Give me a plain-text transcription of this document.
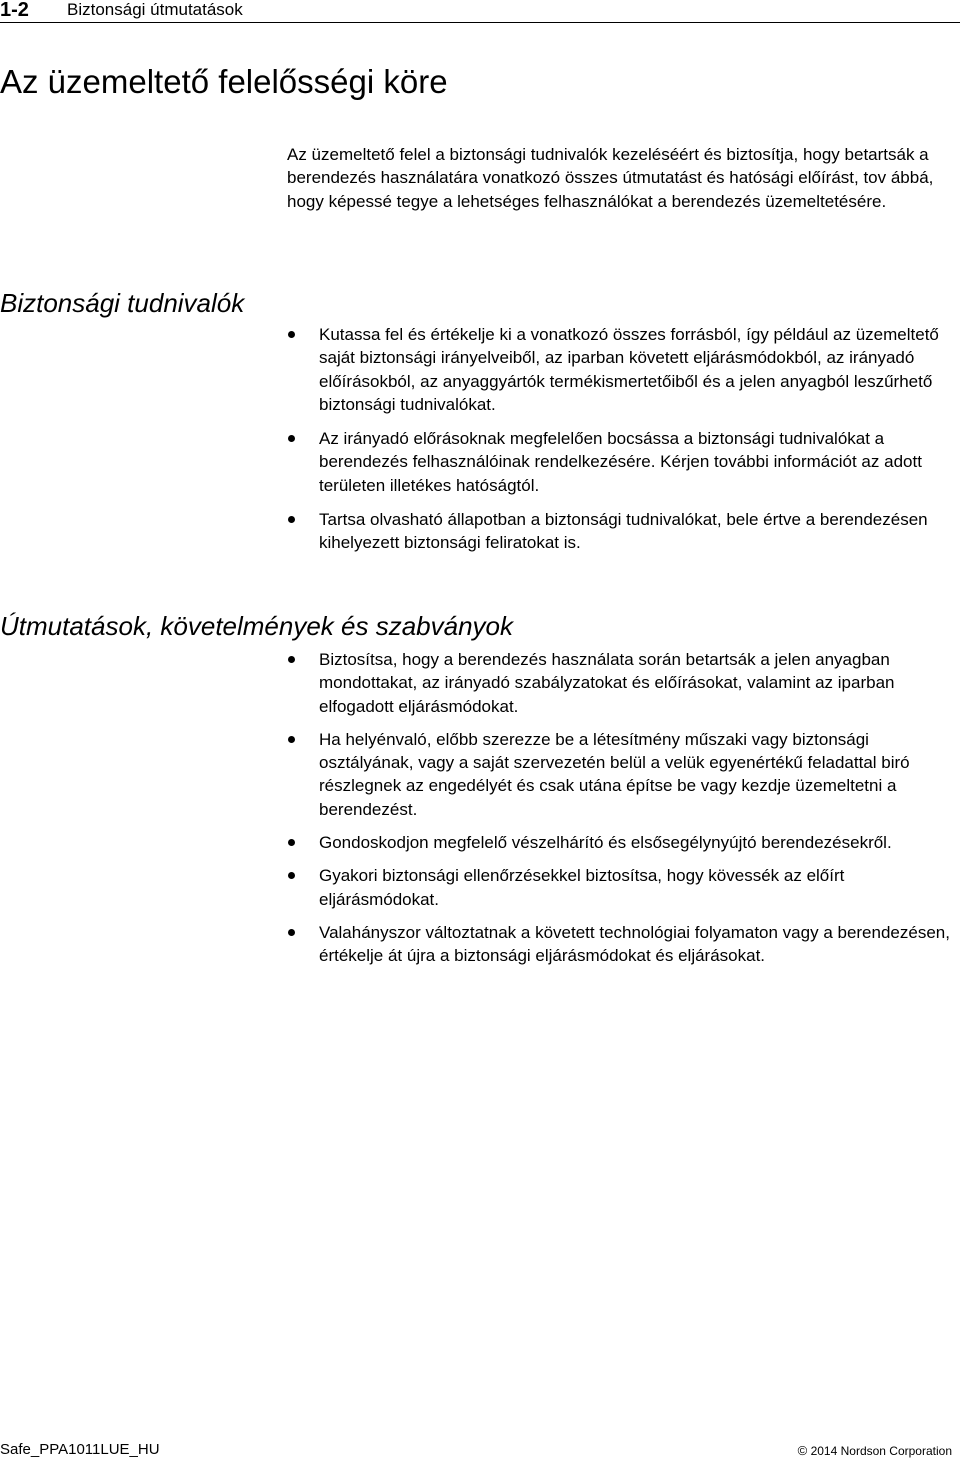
1-2 Biztonsági útmutatások
Az üzemeltető felelősségi köre

Az üzemeltető felel a biztonsági tudnivalók kezeléséért és biztosítja, hogy betartsák a berendezés használatára vonatkozó összes útmutatást és hatósági előírást, tov ábbá, hogy képessé tegye a lehetséges felhasználókat a berendezés üzemeltetésére.

Biztonsági tudnivalók
Kutassa fel és értékelje ki a vonatkozó összes forrásból, így például az üzemeltető saját biztonsági irányelveiből, az iparban követett eljárásmódokból, az irányadó előírásokból, az anyaggyártók termékismertetőiből és a jelen anyagból leszűrhető biztonsági tudnivalókat.
Az irányadó előrásoknak megfelelően bocsássa a biztonsági tudnivalókat a berendezés felhasználóinak rendelkezésére. Kérjen további információt az adott területen illetékes hatóságtól.
Tartsa olvasható állapotban a biztonsági tudnivalókat, bele értve a berendezésen kihelyezett biztonsági feliratokat is.
Útmutatások, követelmények és szabványok
Biztosítsa, hogy a berendezés használata során betartsák a jelen anyagban mondottakat, az irányadó szabályzatokat és előírásokat, valamint az iparban elfogadott eljárásmódokat.
Ha helyénvaló, előbb szerezze be a létesítmény műszaki vagy biztonsági osztályának, vagy a saját szervezetén belül a velük egyenértékű feladattal biró részlegnek az engedélyét és csak utána építse be vagy kezdje üzemeltetni a berendezést.
Gondoskodjon megfelelő vészelhárító és elsősegélynyújtó berendezésekről.
Gyakori biztonsági ellenőrzésekkel biztosítsa, hogy kövessék az előírt eljárásmódokat.
Valahányszor változtatnak a követett technológiai folyamaton vagy a berendezésen, értékelje át újra a biztonsági eljárásmódokat és eljárásokat.
Safe_PPA1011LUE_HU	© 2014 Nordson Corporation
